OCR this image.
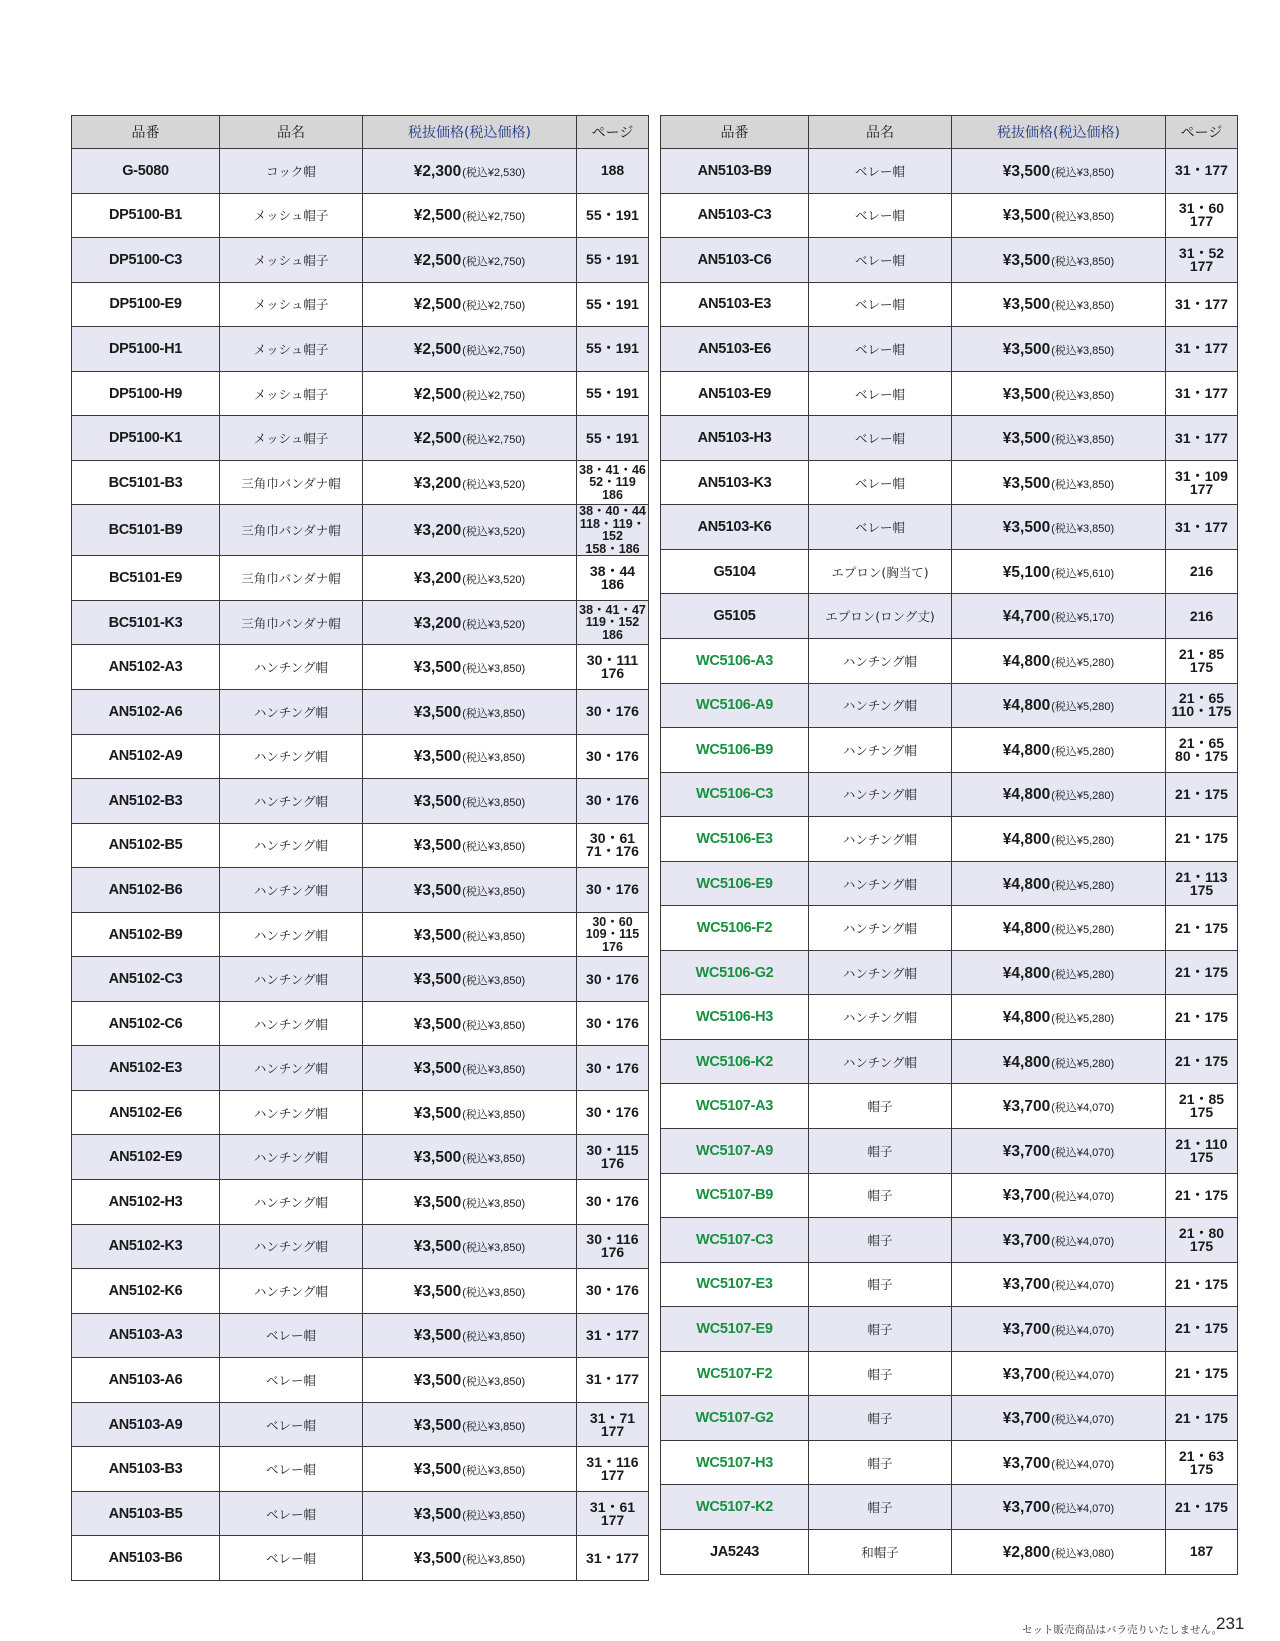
品番	品名	税抜価格(税込価格)	ページ
G-5080	コック帽	¥2,300(税込¥2,530)	188
DP5100-B1	メッシュ帽子	¥2,500(税込¥2,750)	55・191
DP5100-C3	メッシュ帽子	¥2,500(税込¥2,750)	55・191
DP5100-E9	メッシュ帽子	¥2,500(税込¥2,750)	55・191
DP5100-H1	メッシュ帽子	¥2,500(税込¥2,750)	55・191
DP5100-H9	メッシュ帽子	¥2,500(税込¥2,750)	55・191
DP5100-K1	メッシュ帽子	¥2,500(税込¥2,750)	55・191
BC5101-B3	三角巾バンダナ帽	¥3,200(税込¥3,520)	38・41・46
52・119
186
BC5101-B9	三角巾バンダナ帽	¥3,200(税込¥3,520)	38・40・44
118・119・152
158・186
BC5101-E9	三角巾バンダナ帽	¥3,200(税込¥3,520)	38・44
186
BC5101-K3	三角巾バンダナ帽	¥3,200(税込¥3,520)	38・41・47
119・152
186
AN5102-A3	ハンチング帽	¥3,500(税込¥3,850)	30・111
176
AN5102-A6	ハンチング帽	¥3,500(税込¥3,850)	30・176
AN5102-A9	ハンチング帽	¥3,500(税込¥3,850)	30・176
AN5102-B3	ハンチング帽	¥3,500(税込¥3,850)	30・176
AN5102-B5	ハンチング帽	¥3,500(税込¥3,850)	30・61
71・176
AN5102-B6	ハンチング帽	¥3,500(税込¥3,850)	30・176
AN5102-B9	ハンチング帽	¥3,500(税込¥3,850)	30・60
109・115
176
AN5102-C3	ハンチング帽	¥3,500(税込¥3,850)	30・176
AN5102-C6	ハンチング帽	¥3,500(税込¥3,850)	30・176
AN5102-E3	ハンチング帽	¥3,500(税込¥3,850)	30・176
AN5102-E6	ハンチング帽	¥3,500(税込¥3,850)	30・176
AN5102-E9	ハンチング帽	¥3,500(税込¥3,850)	30・115
176
AN5102-H3	ハンチング帽	¥3,500(税込¥3,850)	30・176
AN5102-K3	ハンチング帽	¥3,500(税込¥3,850)	30・116
176
AN5102-K6	ハンチング帽	¥3,500(税込¥3,850)	30・176
AN5103-A3	ベレー帽	¥3,500(税込¥3,850)	31・177
AN5103-A6	ベレー帽	¥3,500(税込¥3,850)	31・177
AN5103-A9	ベレー帽	¥3,500(税込¥3,850)	31・71
177
AN5103-B3	ベレー帽	¥3,500(税込¥3,850)	31・116
177
AN5103-B5	ベレー帽	¥3,500(税込¥3,850)	31・61
177
AN5103-B6	ベレー帽	¥3,500(税込¥3,850)	31・177
品番	品名	税抜価格(税込価格)	ページ
AN5103-B9	ベレー帽	¥3,500(税込¥3,850)	31・177
AN5103-C3	ベレー帽	¥3,500(税込¥3,850)	31・60
177
AN5103-C6	ベレー帽	¥3,500(税込¥3,850)	31・52
177
AN5103-E3	ベレー帽	¥3,500(税込¥3,850)	31・177
AN5103-E6	ベレー帽	¥3,500(税込¥3,850)	31・177
AN5103-E9	ベレー帽	¥3,500(税込¥3,850)	31・177
AN5103-H3	ベレー帽	¥3,500(税込¥3,850)	31・177
AN5103-K3	ベレー帽	¥3,500(税込¥3,850)	31・109
177
AN5103-K6	ベレー帽	¥3,500(税込¥3,850)	31・177
G5104	エプロン(胸当て)	¥5,100(税込¥5,610)	216
G5105	エプロン(ロング丈)	¥4,700(税込¥5,170)	216
WC5106-A3	ハンチング帽	¥4,800(税込¥5,280)	21・85
175
WC5106-A9	ハンチング帽	¥4,800(税込¥5,280)	21・65
110・175
WC5106-B9	ハンチング帽	¥4,800(税込¥5,280)	21・65
80・175
WC5106-C3	ハンチング帽	¥4,800(税込¥5,280)	21・175
WC5106-E3	ハンチング帽	¥4,800(税込¥5,280)	21・175
WC5106-E9	ハンチング帽	¥4,800(税込¥5,280)	21・113
175
WC5106-F2	ハンチング帽	¥4,800(税込¥5,280)	21・175
WC5106-G2	ハンチング帽	¥4,800(税込¥5,280)	21・175
WC5106-H3	ハンチング帽	¥4,800(税込¥5,280)	21・175
WC5106-K2	ハンチング帽	¥4,800(税込¥5,280)	21・175
WC5107-A3	帽子	¥3,700(税込¥4,070)	21・85
175
WC5107-A9	帽子	¥3,700(税込¥4,070)	21・110
175
WC5107-B9	帽子	¥3,700(税込¥4,070)	21・175
WC5107-C3	帽子	¥3,700(税込¥4,070)	21・80
175
WC5107-E3	帽子	¥3,700(税込¥4,070)	21・175
WC5107-E9	帽子	¥3,700(税込¥4,070)	21・175
WC5107-F2	帽子	¥3,700(税込¥4,070)	21・175
WC5107-G2	帽子	¥3,700(税込¥4,070)	21・175
WC5107-H3	帽子	¥3,700(税込¥4,070)	21・63
175
WC5107-K2	帽子	¥3,700(税込¥4,070)	21・175
JA5243	和帽子	¥2,800(税込¥3,080)	187
セット販売商品はバラ売りいたしません。
231
